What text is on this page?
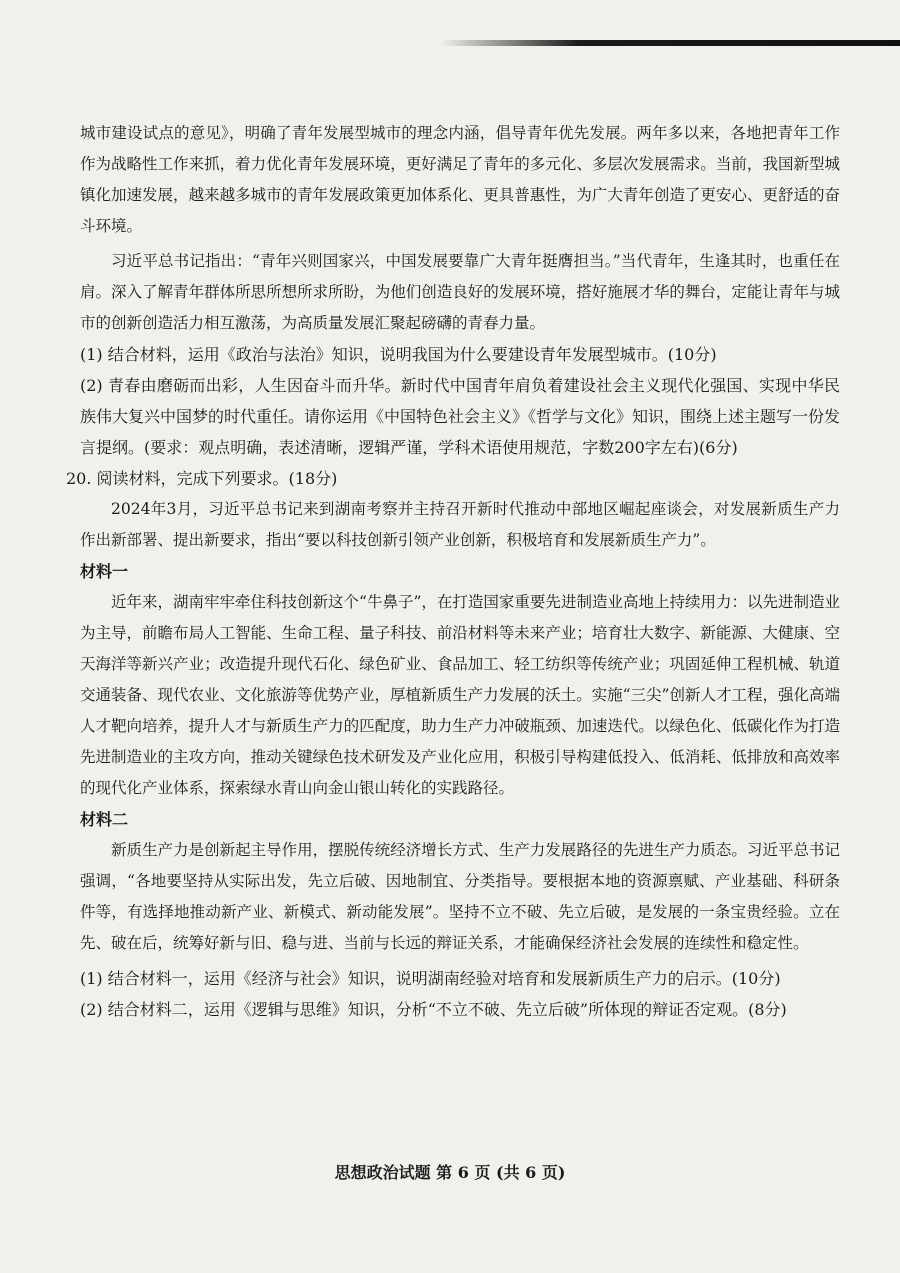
城市建设试点的意见》，明确了青年发展型城市的理念内涵，倡导青年优先发展。两年多以来，各地把青年工作作为战略性工作来抓，着力优化青年发展环境，更好满足了青年的多元化、多层次发展需求。当前，我国新型城镇化加速发展，越来越多城市的青年发展政策更加体系化、更具普惠性，为广大青年创造了更安心、更舒适的奋斗环境。

习近平总书记指出：“青年兴则国家兴，中国发展要靠广大青年挺膺担当。”当代青年，生逢其时，也重任在肩。深入了解青年群体所思所想所求所盼，为他们创造良好的发展环境，搭好施展才华的舞台，定能让青年与城市的创新创造活力相互激荡，为高质量发展汇聚起磅礴的青春力量。

(1) 结合材料，运用《政治与法治》知识，说明我国为什么要建设青年发展型城市。(10分)

(2) 青春由磨砺而出彩，人生因奋斗而升华。新时代中国青年肩负着建设社会主义现代化强国、实现中华民族伟大复兴中国梦的时代重任。请你运用《中国特色社会主义》《哲学与文化》知识，围绕上述主题写一份发言提纲。(要求：观点明确，表述清晰，逻辑严谨，学科术语使用规范，字数200字左右)(6分)

20. 阅读材料，完成下列要求。(18分)

2024年3月，习近平总书记来到湖南考察并主持召开新时代推动中部地区崛起座谈会，对发展新质生产力作出新部署、提出新要求，指出“要以科技创新引领产业创新，积极培育和发展新质生产力”。

材料一

近年来，湖南牢牢牵住科技创新这个“牛鼻子”，在打造国家重要先进制造业高地上持续用力：以先进制造业为主导，前瞻布局人工智能、生命工程、量子科技、前沿材料等未来产业；培育壮大数字、新能源、大健康、空天海洋等新兴产业；改造提升现代石化、绿色矿业、食品加工、轻工纺织等传统产业；巩固延伸工程机械、轨道交通装备、现代农业、文化旅游等优势产业，厚植新质生产力发展的沃土。实施“三尖”创新人才工程，强化高端人才靶向培养，提升人才与新质生产力的匹配度，助力生产力冲破瓶颈、加速迭代。以绿色化、低碳化作为打造先进制造业的主攻方向，推动关键绿色技术研发及产业化应用，积极引导构建低投入、低消耗、低排放和高效率的现代化产业体系，探索绿水青山向金山银山转化的实践路径。

材料二

新质生产力是创新起主导作用，摆脱传统经济增长方式、生产力发展路径的先进生产力质态。习近平总书记强调，“各地要坚持从实际出发，先立后破、因地制宜、分类指导。要根据本地的资源禀赋、产业基础、科研条件等，有选择地推动新产业、新模式、新动能发展”。坚持不立不破、先立后破，是发展的一条宝贵经验。立在先、破在后，统筹好新与旧、稳与进、当前与长远的辩证关系，才能确保经济社会发展的连续性和稳定性。

(1) 结合材料一，运用《经济与社会》知识，说明湖南经验对培育和发展新质生产力的启示。(10分)

(2) 结合材料二，运用《逻辑与思维》知识，分析“不立不破、先立后破”所体现的辩证否定观。(8分)

思想政治试题 第 6 页 (共 6 页)
